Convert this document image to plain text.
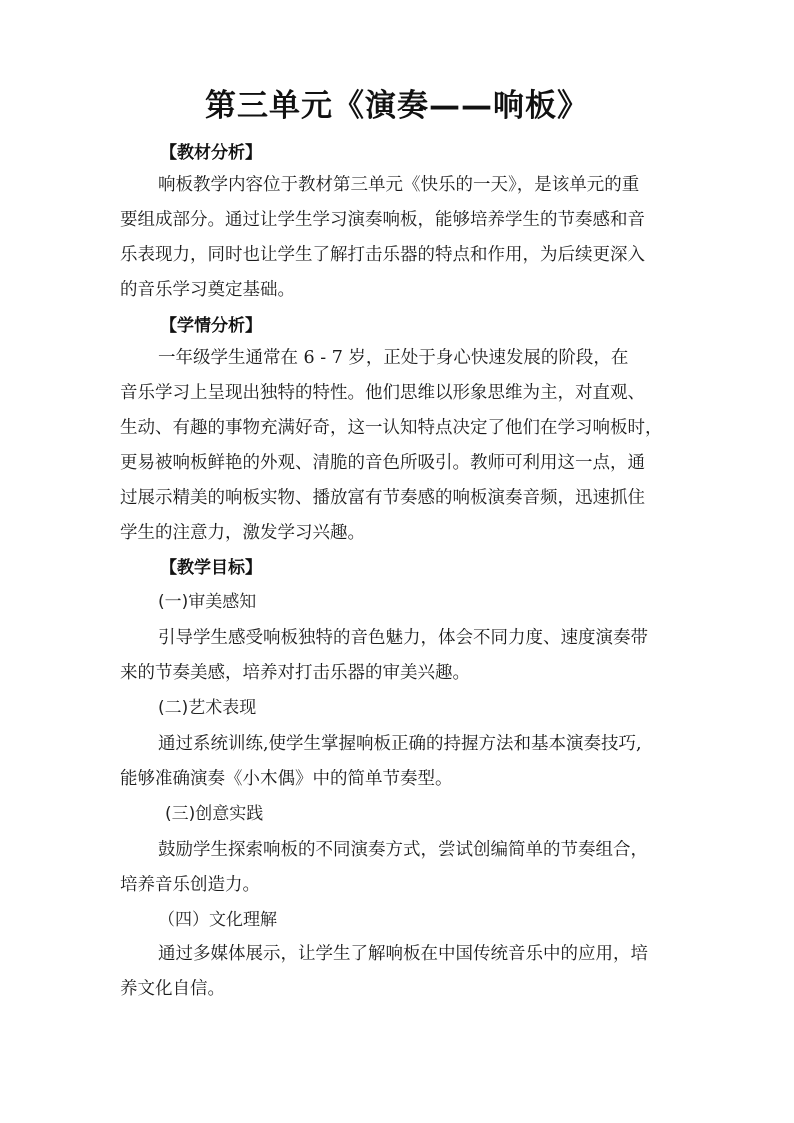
第三单元《演奏——响板》
【教材分析】
响板教学内容位于教材第三单元《快乐的一天》，是该单元的重
要组成部分。通过让学生学习演奏响板，能够培养学生的节奏感和音
乐表现力，同时也让学生了解打击乐器的特点和作用，为后续更深入
的音乐学习奠定基础。
【学情分析】
一年级学生通常在 6 - 7 岁，正处于身心快速发展的阶段，在
音乐学习上呈现出独特的特性。他们思维以形象思维为主，对直观、
生动、有趣的事物充满好奇，这一认知特点决定了他们在学习响板时，
更易被响板鲜艳的外观、清脆的音色所吸引。教师可利用这一点，通
过展示精美的响板实物、播放富有节奏感的响板演奏音频，迅速抓住
学生的注意力，激发学习兴趣。
【教学目标】
(一)审美感知
引导学生感受响板独特的音色魅力，体会不同力度、速度演奏带
来的节奏美感，培养对打击乐器的审美兴趣。
(二)艺术表现
通过系统训练,使学生掌握响板正确的持握方法和基本演奏技巧,
能够准确演奏《小木偶》中的简单节奏型。
(三)创意实践
鼓励学生探索响板的不同演奏方式，尝试创编简单的节奏组合，
培养音乐创造力。
（四）文化理解
通过多媒体展示，让学生了解响板在中国传统音乐中的应用，培
养文化自信。
